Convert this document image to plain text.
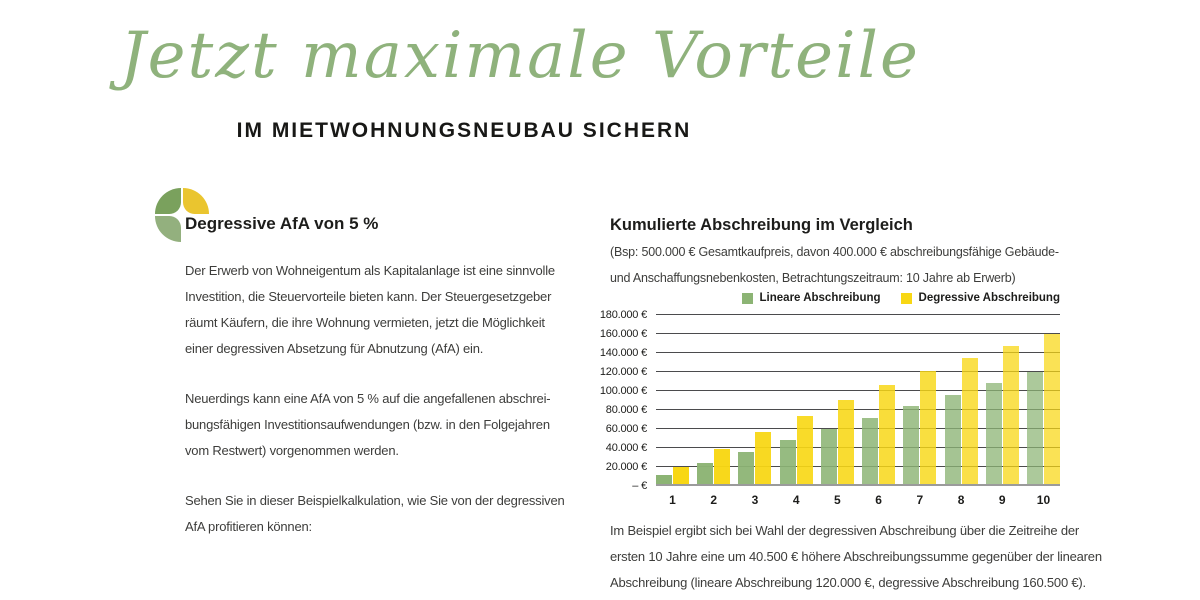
Jetzt maximale Vorteile
IM MIETWOHNUNGSNEUBAU SICHERN
Degressive AfA von 5 %
Der Erwerb von Wohneigentum als Kapitalanlage ist eine sinnvolle
Investition, die Steuervorteile bieten kann. Der Steuergesetzgeber
räumt Käufern, die ihre Wohnung vermieten, jetzt die Möglichkeit
einer degressiven Absetzung für Abnutzung (AfA) ein.
Neuerdings kann eine AfA von 5 % auf die angefallenen abschrei-
bungsfähigen Investitionsaufwendungen (bzw. in den Folgejahren
vom Restwert) vorgenommen werden.
Sehen Sie in dieser Beispielkalkulation, wie Sie von der degressiven
AfA profitieren können:
Kumulierte Abschreibung im Vergleich
(Bsp: 500.000 € Gesamtkaufpreis, davon 400.000 € abschreibungsfähige Gebäude-
und Anschaffungsnebenkosten, Betrachtungszeitraum: 10 Jahre ab Erwerb)
Lineare Abschreibung	Degressive Abschreibung
– €
20.000 €
40.000 €
60.000 €
80.000 €
100.000 €
120.000 €
140.000 €
160.000 €
180.000 €
1	2	3	4	5	6	7	8	9	10
Im Beispiel ergibt sich bei Wahl der degressiven Abschreibung über die Zeitreihe der
ersten 10 Jahre eine um 40.500 € höhere Abschreibungssumme gegenüber der linearen
Abschreibung (lineare Abschreibung 120.000 €, degressive Abschreibung 160.500 €).
